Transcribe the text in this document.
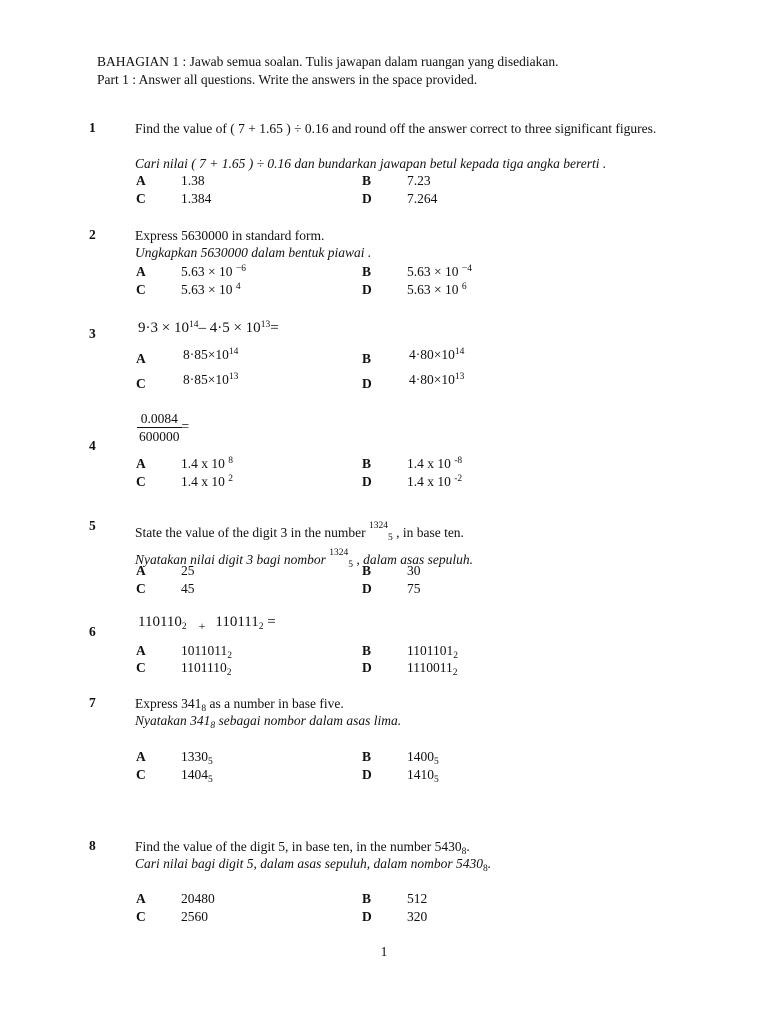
BAHAGIAN 1 : Jawab semua soalan. Tulis jawapan dalam ruangan yang disediakan.
Part 1 : Answer all questions. Write the answers in the space provided.
1	Find the value of ( 7 + 1.65 ) ÷ 0.16 and round off the answer correct to three significant figures.
Cari nilai ( 7 + 1.65 ) ÷ 0.16 dan bundarkan jawapan betul kepada tiga angka bererti .
A	1.38	B	7.23
C	1.384	D	7.264
2	Express 5630000 in standard form.
Ungkapkan 5630000 dalam bentuk piawai .
A	5.63 × 10 $^{-6}$	B	5.63 × 10 $^{-4}$
C	5.63 × 10 $^4$	D	5.63 × 10 $^6$
3	$9\cdot 3 \times 10^{14}-$ $4\cdot 5 \times 10^{13}=$
A	$8\cdot 85\times 10^{14}$	B	$4\cdot 80\times 10^{14}$
C	$8\cdot 85\times 10^{13}$	D	$4\cdot 80\times 10^{13}$
4
$\frac{0.0084}{600000}$ =
A	1.4 x 10 $^8$	B	1.4 x 10 $^{-8}$
C	1.4 x 10 $^2$	D	1.4 x 10 $^{-2}$
5	State the value of the digit 3 in the number $^{1324}_5$ , in base ten.
Nyatakan nilai digit 3 bagi nombor $^{1324}_5$ , dalam asas sepuluh.
A	25	B	30
C	45	D	75
6
$110110_2$ $_+$ $110111_2$ =
A	$1011011_2$	B	$1101101_2$
C	$1101110_2$	D	$1110011_2$
7	Express $341_8$ as a number in base five.
Nyatakan $341_8$ sebagai nombor dalam asas lima.
A	$1330_5$	B	$1400_5$
C	$1404_5$	D	$1410_5$
8	Find the value of the digit 5, in base ten, in the number $5430_8$.
Cari nilai bagi digit 5, dalam asas sepuluh, dalam nombor $5430_8$.
A	20480	B	512
C	2560	D	320
1
